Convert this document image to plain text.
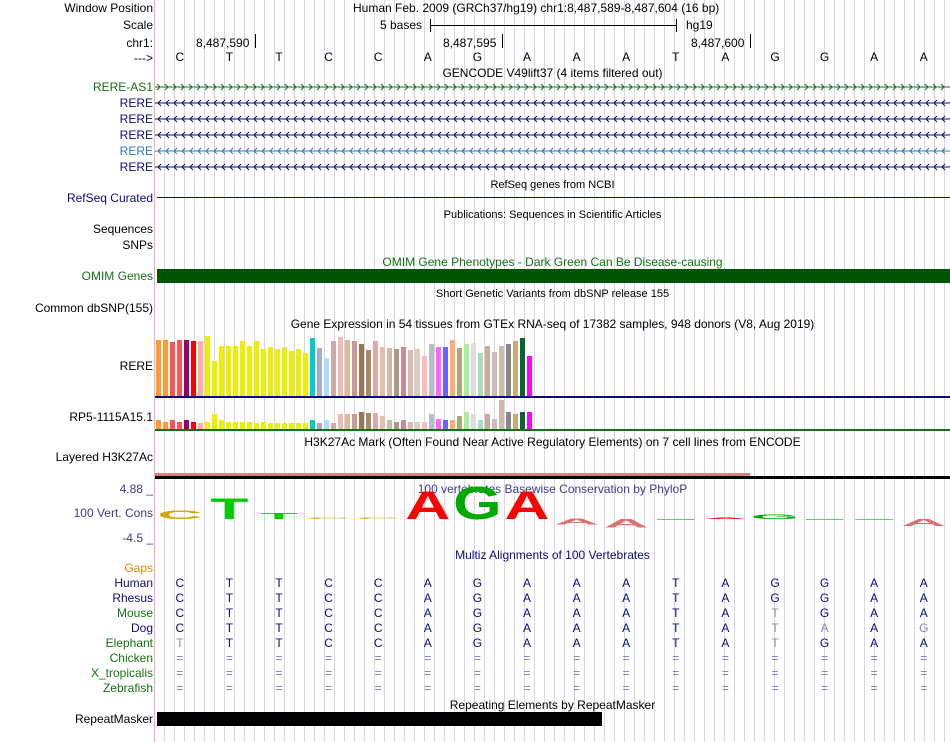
Window Position	Human Feb. 2009 (GRCh37/hg19) chr1:8,487,589-8,487,604 (16 bp)
Scale	5 bases	hg19
chr1:	8,487,590	8,487,595	8,487,600
--->	C	T	T	C	C	A	G	A	A	A	T	A	G	G	A	A
GENCODE V49lift37 (4 items filtered out)
RERE-AS1
RERE
RERE
RERE
RERE
RERE
RefSeq genes from NCBI
RefSeq Curated
Publications: Sequences in Scientific Articles
Sequences
SNPs
OMIM Gene Phenotypes - Dark Green Can Be Disease-causing
OMIM Genes
Short Genetic Variants from dbSNP release 155
Common dbSNP(155)
Gene Expression in 54 tissues from GTEx RNA-seq of 17382 samples, 948 donors (V8, Aug 2019)
RERE
RP5-1115A15.1
H3K27Ac Mark (Often Found Near Active Regulatory Elements) on 7 cell lines from ENCODE
Layered H3K27Ac
100 vertebrates Basewise Conservation by PhyloP
4.88 _
100 Vert. Cons
-4.5 _
C T T C C A G A A A	A G
A
Multiz Alignments of 100 Vertebrates
Gaps
Human	C	T	T	C	C	A	G	A	A	A	T	A	G	G	A	A
Rhesus	C	T	T	C	C	A	G	A	A	A	T	A	G	G	A	A
Mouse	C	T	T	C	C	A	G	A	A	A	T	A	T	G	A	A
Dog	C	T	T	C	C	A	G	A	A	A	T	A	T	A	A	G
Elephant	T	T	T	C	C	A	G	A	A	A	T	A	T	G	A	A
Chicken	=	=	=	=	=	=	=	=	=	=	=	=	=	=	=	=
X_tropicalis	=	=	=	=	=	=	=	=	=	=	=	=	=	=	=	=
Zebrafish	=	=	=	=	=	=	=	=	=	=	=	=	=	=	=	=
Repeating Elements by RepeatMasker
RepeatMasker
